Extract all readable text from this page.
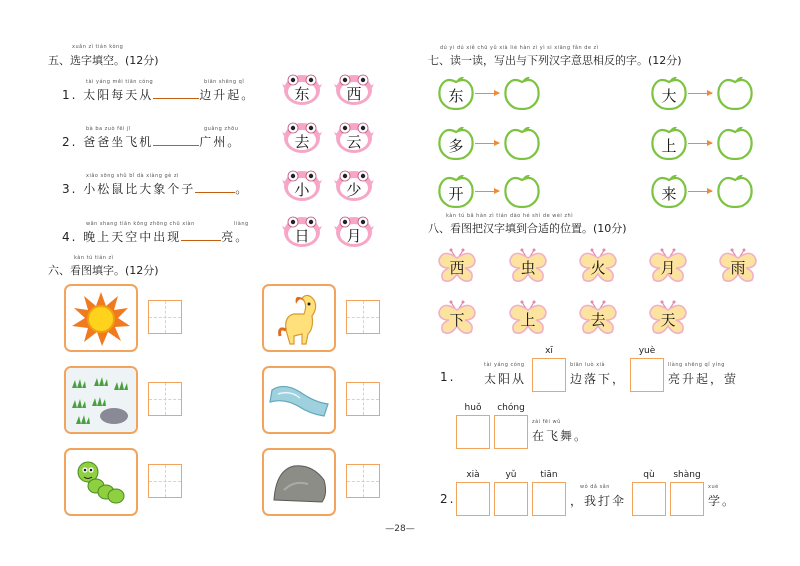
xuǎn zì tián kòng
五、选字填空。(12分)
1. 太阳每天从	边升起。
tài yáng měi tiān cóng	biān shēng qǐ
2. 爸爸坐飞机	广州。
bà ba zuò fēi jī	guǎng zhōu
3. 小松鼠比大象个子	。
xiǎo sōng shǔ bǐ dà xiàng gè zi
4. 晚上天空中出现	亮。
wǎn shang tiān kōng zhōng chū xiàn	liàng
东	西
去	云
小	少
日	月
kàn tú tián zì
六、看图填字。(12分)
dú yi dú xiě chū yǔ xià liè hàn zì yì si xiāng fǎn de zì
七、读一读，写出与下列汉字意思相反的字。(12分)
东
多
开
大
上
来
kàn tú bǎ hàn zì tián dào hé shì de wèi zhì
八、看图把汉字填到合适的位置。(10分)
西	虫	火	月	雨
下	上	去	天
1.
tài yáng cóng
太阳从
xī
biān luò xià
边落下，
yuè
liàng shēng qǐ yíng
亮升起，萤
huǒ	chóng
zài fēi wǔ
在飞舞。
2.
xià	yǔ	tiān
wǒ dǎ sǎn
，我打伞
qù	shàng
xué
学。
—28—
